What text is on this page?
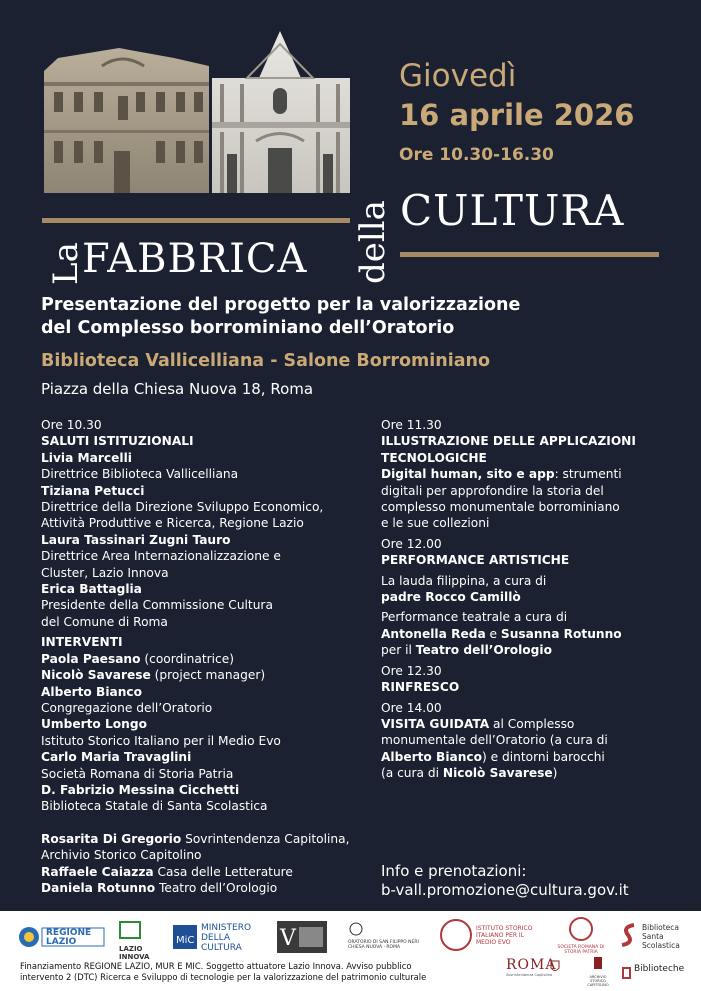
Giovedì
16 aprile 2026
Ore 10.30-16.30
CULTURA
La
FABBRICA della
Presentazione del progetto per la valorizzazione
del Complesso borrominiano dell’Oratorio
Biblioteca Vallicelliana - Salone Borrominiano
Piazza della Chiesa Nuova 18, Roma
Ore 10.30
SALUTI ISTITUZIONALI
Livia Marcelli
Direttrice Biblioteca Vallicelliana
Tiziana Petucci
Direttrice della Direzione Sviluppo Economico,
Attività Produttive e Ricerca, Regione Lazio
Laura Tassinari Zugni Tauro
Direttrice Area Internazionalizzazione e
Cluster, Lazio Innova
Erica Battaglia
Presidente della Commissione Cultura
del Comune di Roma
INTERVENTI
Paola Paesano (coordinatrice)
Nicolò Savarese (project manager)
Alberto Bianco
Congregazione dell’Oratorio
Umberto Longo
Istituto Storico Italiano per il Medio Evo
Carlo Maria Travaglini
Società Romana di Storia Patria
D. Fabrizio Messina Cicchetti
Biblioteca Statale di Santa Scolastica
Rosarita Di Gregorio Sovrintendenza Capitolina,
Archivio Storico Capitolino
Raffaele Caiazza Casa delle Letterature
Daniela Rotunno Teatro dell’Orologio
Ore 11.30
ILLUSTRAZIONE DELLE APPLICAZIONI
TECNOLOGICHE
Digital human, sito e app: strumenti
digitali per approfondire la storia del
complesso monumentale borrominiano
e le sue collezioni
Ore 12.00
PERFORMANCE ARTISTICHE
La lauda filippina, a cura di
padre Rocco Camillò
Performance teatrale a cura di
Antonella Reda e Susanna Rotunno
per il Teatro dell’Orologio
Ore 12.30
RINFRESCO
Ore 14.00
VISITA GUIDATA al Complesso
monumentale dell’Oratorio (a cura di
Alberto Bianco) e dintorni barocchi
(a cura di Nicolò Savarese)
Info e prenotazioni:
b-vall.promozione@cultura.gov.it
REGIONE LAZIO
LAZIO INNOVA
MiC
MINISTERO DELLA CULTURA	V	ORATORIO DI SAN FILIPPO NERI CHIESA NUOVA · ROMA
ISTITUTO STORICO ITALIANO PER IL MEDIO EVO
SOCIETÀ ROMANA DI STORIA PATRIA
Biblioteca Santa Scolastica
Finanziamento REGIONE LAZIO, MUR E MIC. Soggetto attuatore Lazio Innova. Avviso pubblico
intervento 2 (DTC) Ricerca e Sviluppo di tecnologie per la valorizzazione del patrimonio culturale
ROMA
Sovrintendenza Capitolina	ARCHIVIO STORICO CAPITOLINO
Biblioteche
